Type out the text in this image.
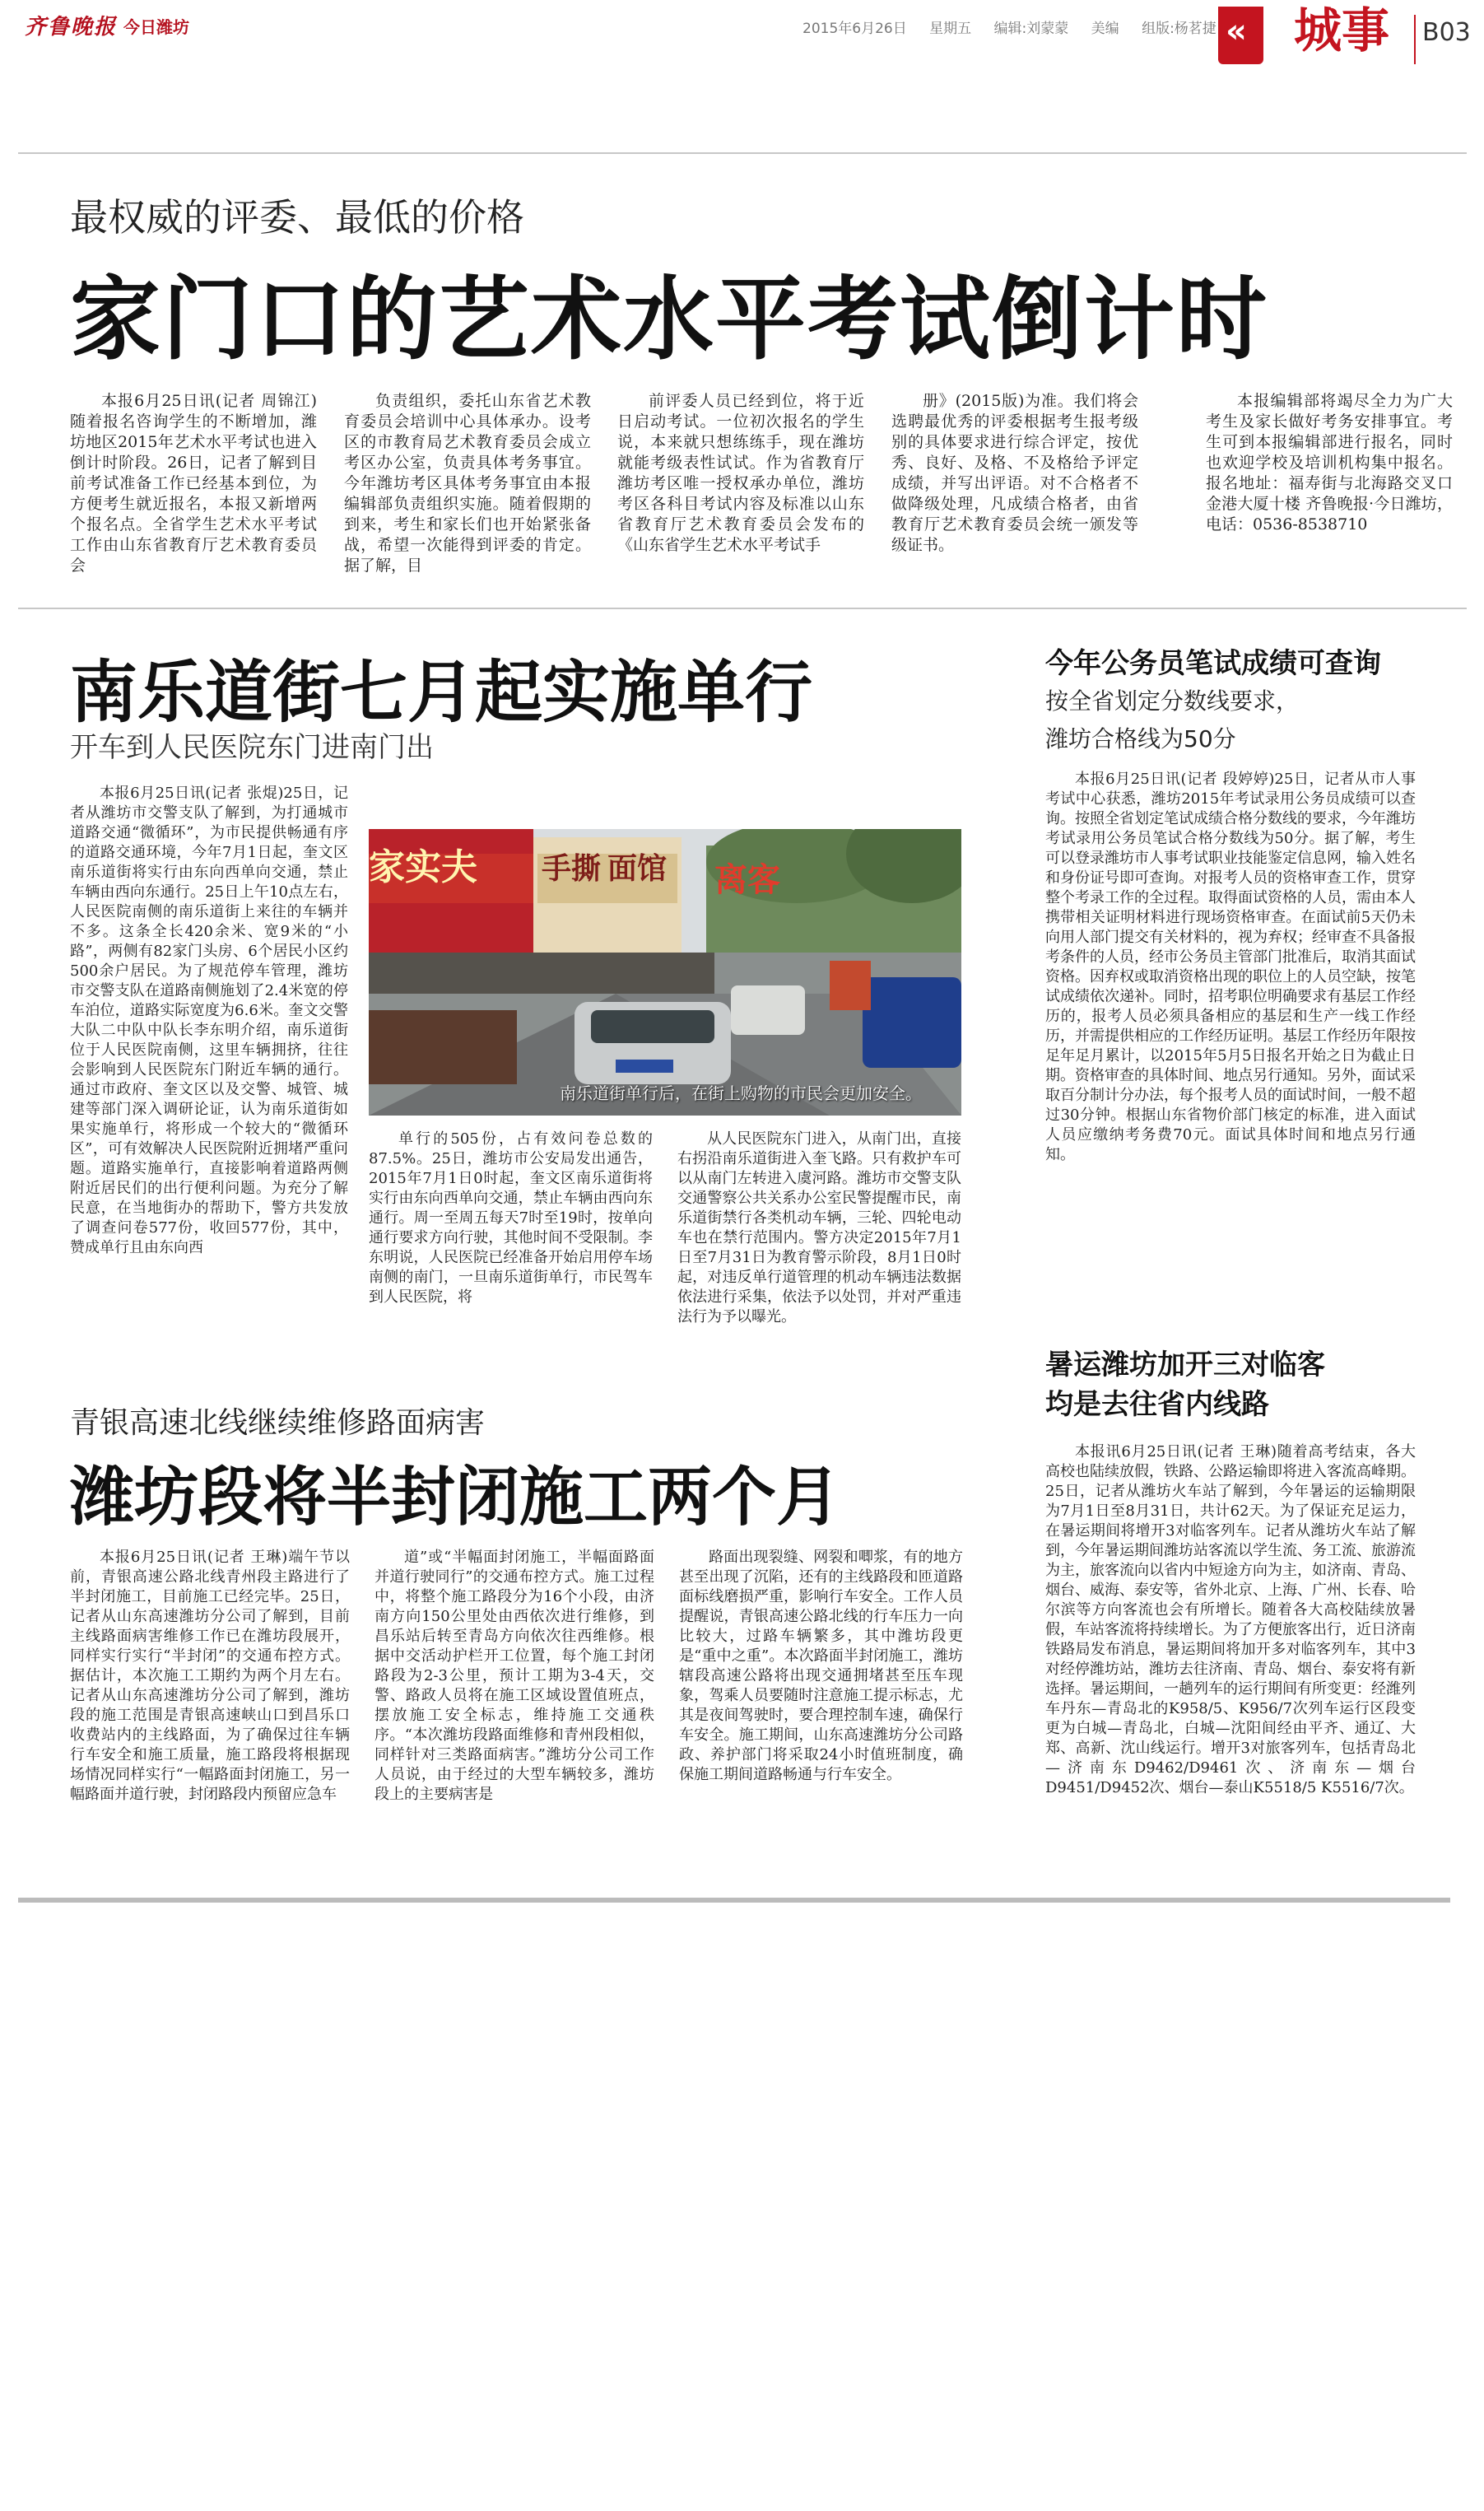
齐鲁晚报 今日潍坊	2015年6月26日 星期五 编辑:刘蒙蒙 美编 组版:杨茗捷 « 城事 B03
最权威的评委、最低的价格
家门口的艺术水平考试倒计时

本报6月25日讯(记者 周锦江)随着报名咨询学生的不断增加，潍坊地区2015年艺术水平考试也进入倒计时阶段。26日，记者了解到目前考试准备工作已经基本到位，为方便考生就近报名，本报又新增两个报名点。全省学生艺术水平考试工作由山东省教育厅艺术教育委员会

负责组织，委托山东省艺术教育委员会培训中心具体承办。设考区的市教育局艺术教育委员会成立考区办公室，负责具体考务事宜。今年潍坊考区具体考务事宜由本报编辑部负责组织实施。随着假期的到来，考生和家长们也开始紧张备战，希望一次能得到评委的肯定。据了解，目

前评委人员已经到位，将于近日启动考试。一位初次报名的学生说，本来就只想练练手，现在潍坊就能考级表性试试。作为省教育厅潍坊考区唯一授权承办单位，潍坊考区各科目考试内容及标准以山东省教育厅艺术教育委员会发布的《山东省学生艺术水平考试手

册》(2015版)为准。我们将会选聘最优秀的评委根据考生报考级别的具体要求进行综合评定，按优秀、良好、及格、不及格给予评定成绩，并写出评语。对不合格者不做降级处理，凡成绩合格者，由省教育厅艺术教育委员会统一颁发等级证书。

本报编辑部将竭尽全力为广大考生及家长做好考务安排事宜。考生可到本报编辑部进行报名，同时也欢迎学校及培训机构集中报名。报名地址：福寿街与北海路交叉口金港大厦十楼 齐鲁晚报·今日潍坊，电话：0536-8538710

南乐道街七月起实施单行
开车到人民医院东门进南门出

本报6月25日讯(记者 张焜)25日，记者从潍坊市交警支队了解到，为打通城市道路交通“微循环”，为市民提供畅通有序的道路交通环境，今年7月1日起，奎文区南乐道街将实行由东向西单向交通，禁止车辆由西向东通行。25日上午10点左右，人民医院南侧的南乐道街上来往的车辆并不多。这条全长420余米、宽9米的“小路”，两侧有82家门头房、6个居民小区约500余户居民。为了规范停车管理，潍坊市交警支队在道路南侧施划了2.4米宽的停车泊位，道路实际宽度为6.6米。奎文交警大队二中队中队长李东明介绍，南乐道街位于人民医院南侧，这里车辆拥挤，往往会影响到人民医院东门附近车辆的通行。通过市政府、奎文区以及交警、城管、城建等部门深入调研论证，认为南乐道街如果实施单行，将形成一个较大的“微循环区”，可有效解决人民医院附近拥堵严重问题。道路实施单行，直接影响着道路两侧附近居民们的出行便利问题。为充分了解民意，在当地街办的帮助下，警方共发放了调查问卷577份，收回577份，其中，赞成单行且由东向西

家实夫 手撕 面馆 离客
南乐道街单行后，在街上购物的市民会更加安全。

单行的505份，占有效问卷总数的87.5%。25日，潍坊市公安局发出通告，2015年7月1日0时起，奎文区南乐道街将实行由东向西单向交通，禁止车辆由西向东通行。周一至周五每天7时至19时，按单向通行要求方向行驶，其他时间不受限制。李东明说，人民医院已经准备开始启用停车场南侧的南门，一旦南乐道街单行，市民驾车到人民医院，将

从人民医院东门进入，从南门出，直接右拐沿南乐道街进入奎飞路。只有救护车可以从南门左转进入虞河路。潍坊市交警支队交通警察公共关系办公室民警提醒市民，南乐道街禁行各类机动车辆，三轮、四轮电动车也在禁行范围内。警方决定2015年7月1日至7月31日为教育警示阶段，8月1日0时起，对违反单行道管理的机动车辆违法数据依法进行采集，依法予以处罚，并对严重违法行为予以曝光。

青银高速北线继续维修路面病害
潍坊段将半封闭施工两个月

本报6月25日讯(记者 王琳)端午节以前，青银高速公路北线青州段主路进行了半封闭施工，目前施工已经完毕。25日，记者从山东高速潍坊分公司了解到，目前主线路面病害维修工作已在潍坊段展开，同样实行实行“半封闭”的交通布控方式。据估计，本次施工工期约为两个月左右。记者从山东高速潍坊分公司了解到，潍坊段的施工范围是青银高速峡山口到昌乐口收费站内的主线路面，为了确保过往车辆行车安全和施工质量，施工路段将根据现场情况同样实行“一幅路面封闭施工，另一幅路面并道行驶，封闭路段内预留应急车

道”或“半幅面封闭施工，半幅面路面并道行驶同行”的交通布控方式。施工过程中，将整个施工路段分为16个小段，由济南方向150公里处由西依次进行维修，到昌乐站后转至青岛方向依次往西维修。根据中交活动护栏开工位置，每个施工封闭路段为2-3公里，预计工期为3-4天，交警、路政人员将在施工区域设置值班点，摆放施工安全标志，维持施工交通秩序。“本次潍坊段路面维修和青州段相似，同样针对三类路面病害。”潍坊分公司工作人员说，由于经过的大型车辆较多，潍坊段上的主要病害是

路面出现裂缝、网裂和唧浆，有的地方甚至出现了沉陷，还有的主线路段和匝道路面标线磨损严重，影响行车安全。工作人员提醒说，青银高速公路北线的行车压力一向比较大，过路车辆繁多，其中潍坊段更是“重中之重”。本次路面半封闭施工，潍坊辖段高速公路将出现交通拥堵甚至压车现象，驾乘人员要随时注意施工提示标志，尤其是夜间驾驶时，要合理控制车速，确保行车安全。施工期间，山东高速潍坊分公司路政、养护部门将采取24小时值班制度，确保施工期间道路畅通与行车安全。

今年公务员笔试成绩可查询
按全省划定分数线要求，
潍坊合格线为50分

本报6月25日讯(记者 段婷婷)25日，记者从市人事考试中心获悉，潍坊2015年考试录用公务员成绩可以查询。按照全省划定笔试成绩合格分数线的要求，今年潍坊考试录用公务员笔试合格分数线为50分。据了解，考生可以登录潍坊市人事考试职业技能鉴定信息网，输入姓名和身份证号即可查询。对报考人员的资格审查工作，贯穿整个考录工作的全过程。取得面试资格的人员，需由本人携带相关证明材料进行现场资格审查。在面试前5天仍未向用人部门提交有关材料的，视为弃权；经审查不具备报考条件的人员，经市公务员主管部门批准后，取消其面试资格。因弃权或取消资格出现的职位上的人员空缺，按笔试成绩依次递补。同时，招考职位明确要求有基层工作经历的，报考人员必须具备相应的基层和生产一线工作经历，并需提供相应的工作经历证明。基层工作经历年限按足年足月累计，以2015年5月5日报名开始之日为截止日期。资格审查的具体时间、地点另行通知。另外，面试采取百分制计分办法，每个报考人员的面试时间，一般不超过30分钟。根据山东省物价部门核定的标准，进入面试人员应缴纳考务费70元。面试具体时间和地点另行通知。

暑运潍坊加开三对临客
均是去往省内线路

本报讯6月25日讯(记者 王琳)随着高考结束，各大高校也陆续放假，铁路、公路运输即将进入客流高峰期。25日，记者从潍坊火车站了解到，今年暑运的运输期限为7月1日至8月31日，共计62天。为了保证充足运力，在暑运期间将增开3对临客列车。记者从潍坊火车站了解到，今年暑运期间潍坊站客流以学生流、务工流、旅游流为主，旅客流向以省内中短途方向为主，如济南、青岛、烟台、威海、泰安等，省外北京、上海、广州、长春、哈尔滨等方向客流也会有所增长。随着各大高校陆续放暑假，车站客流将持续增长。为了方便旅客出行，近日济南铁路局发布消息，暑运期间将加开多对临客列车，其中3对经停潍坊站，潍坊去往济南、青岛、烟台、泰安将有新选择。暑运期间，一趟列车的运行期间有所变更：经潍列车丹东—青岛北的K958/5、K956/7次列车运行区段变更为白城—青岛北，白城—沈阳间经由平齐、通辽、大郑、高新、沈山线运行。增开3对旅客列车，包括青岛北—济南东D9462/D9461次、济南东—烟台D9451/D9452次、烟台—泰山K5518/5 K5516/7次。
